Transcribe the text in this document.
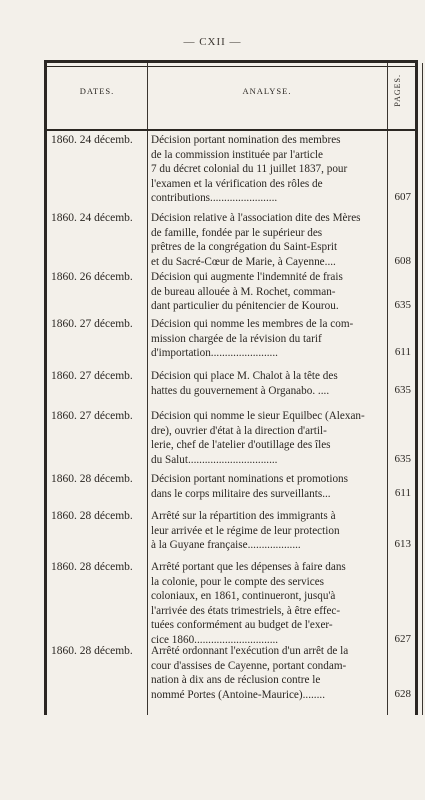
— CXII —
DATES.	ANALYSE.	PAGES.
1860. 24 décemb.	Décision portant nomination des membres
de la commission instituée par l'article
7 du décret colonial du 11 juillet 1837, pour
l'examen et la vérification des rôles de
contributions........................	607
1860. 24 décemb.	Décision relative à l'association dite des Mères
de famille, fondée par le supérieur des
prêtres de la congrégation du Saint-Esprit
et du Sacré-Cœur de Marie, à Cayenne....	608
1860. 26 décemb.	Décision qui augmente l'indemnité de frais
de bureau allouée à M. Rochet, comman-
dant particulier du pénitencier de Kourou.	635
1860. 27 décemb.	Décision qui nomme les membres de la com-
mission chargée de la révision du tarif
d'importation........................	611
1860. 27 décemb.	Décision qui place M. Chalot à la tête des
hattes du gouvernement à Organabo. ....	635
1860. 27 décemb.	Décision qui nomme le sieur Equilbec (Alexan-
dre), ouvrier d'état à la direction d'artil-
lerie, chef de l'atelier d'outillage des îles
du Salut................................	635
1860. 28 décemb.	Décision portant nominations et promotions
dans le corps militaire des surveillants...	611
1860. 28 décemb.	Arrêté sur la répartition des immigrants à
leur arrivée et le régime de leur protection
à la Guyane française...................	613
1860. 28 décemb.	Arrêté portant que les dépenses à faire dans
la colonie, pour le compte des services
coloniaux, en 1861, continueront, jusqu'à
l'arrivée des états trimestriels, à être effec-
tuées conformément au budget de l'exer-
cice 1860..............................	627
1860. 28 décemb.	Arrêté ordonnant l'exécution d'un arrêt de la
cour d'assises de Cayenne, portant condam-
nation à dix ans de réclusion contre le
nommé Portes (Antoine-Maurice)........	628
